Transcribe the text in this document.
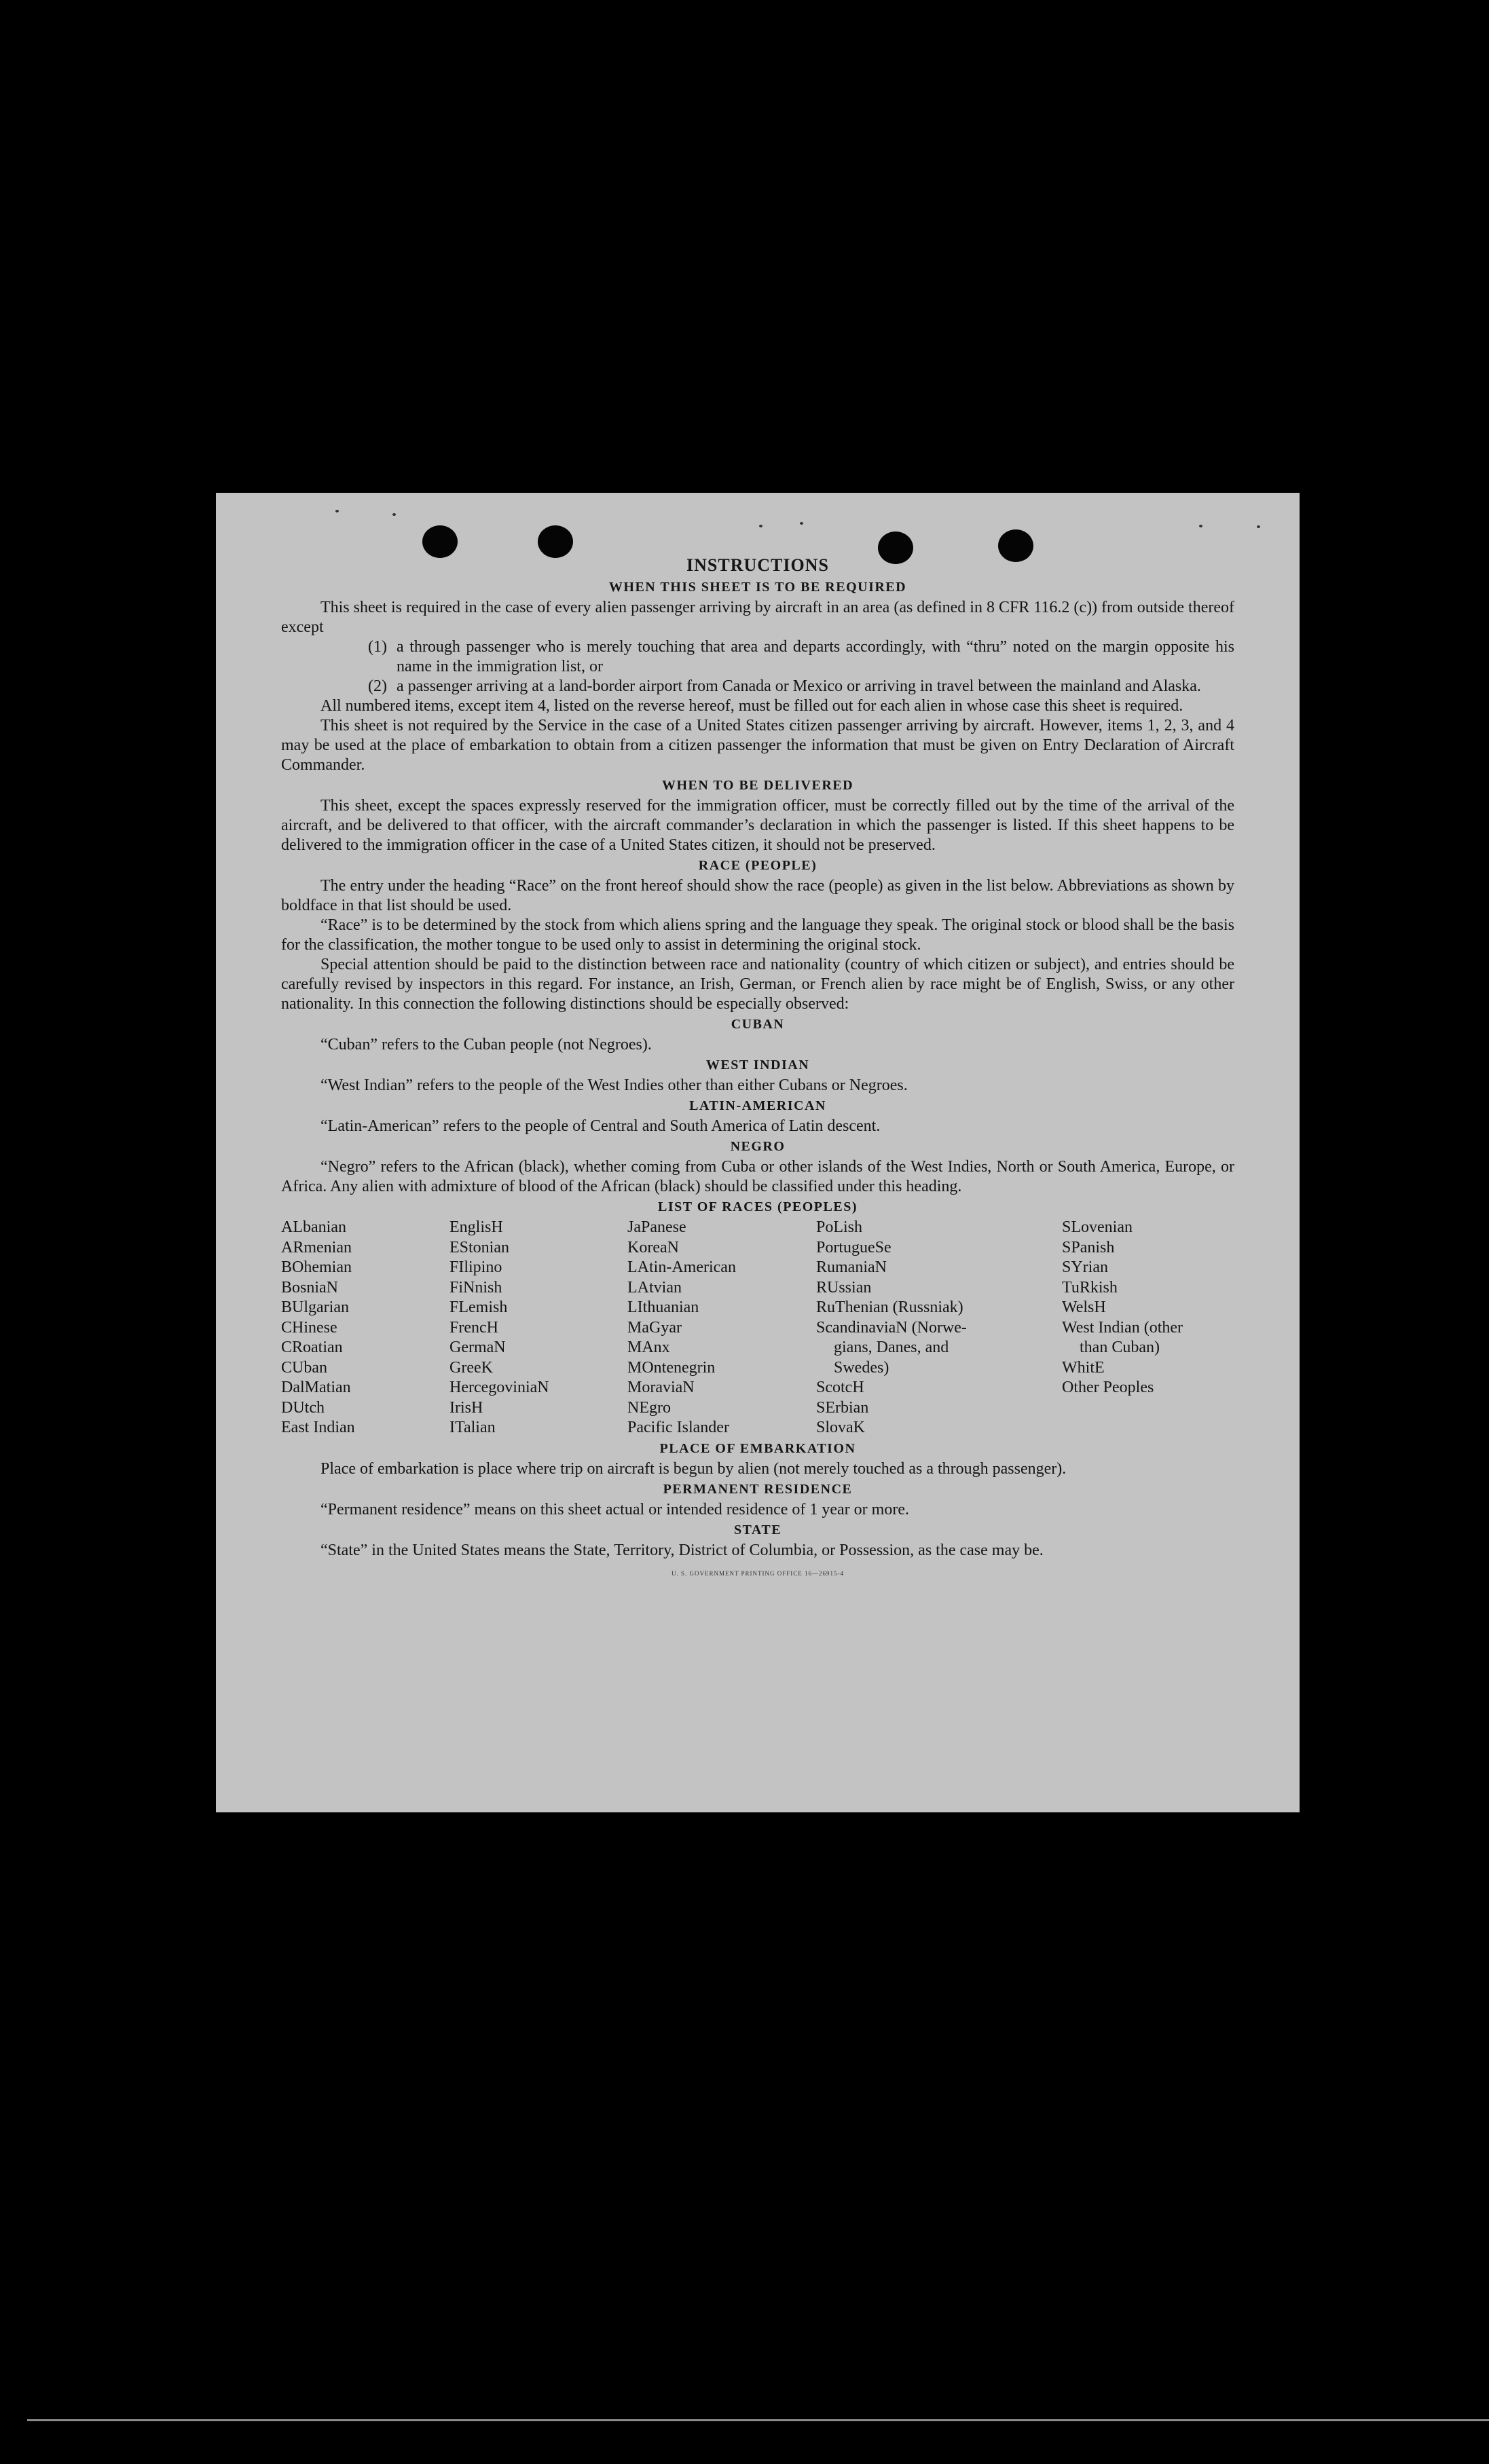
INSTRUCTIONS
WHEN THIS SHEET IS TO BE REQUIRED

This sheet is required in the case of every alien passenger arriving by aircraft in an area (as defined in 8 CFR 116.2 (c)) from outside thereof except

(1) a through passenger who is merely touching that area and departs accordingly, with “thru” noted on the margin opposite his name in the immigration list, or
(2) a passenger arriving at a land-border airport from Canada or Mexico or arriving in travel between the mainland and Alaska.

All numbered items, except item 4, listed on the reverse hereof, must be filled out for each alien in whose case this sheet is required.

This sheet is not required by the Service in the case of a United States citizen passenger arriving by aircraft. However, items 1, 2, 3, and 4 may be used at the place of embarkation to obtain from a citizen passenger the information that must be given on Entry Declaration of Aircraft Commander.

WHEN TO BE DELIVERED

This sheet, except the spaces expressly reserved for the immigration officer, must be correctly filled out by the time of the arrival of the aircraft, and be delivered to that officer, with the aircraft commander’s declaration in which the passenger is listed. If this sheet happens to be delivered to the immigration officer in the case of a United States citizen, it should not be preserved.

RACE (PEOPLE)

The entry under the heading “Race” on the front hereof should show the race (people) as given in the list below. Abbreviations as shown by boldface in that list should be used.

“Race” is to be determined by the stock from which aliens spring and the language they speak. The original stock or blood shall be the basis for the classification, the mother tongue to be used only to assist in determining the original stock.

Special attention should be paid to the distinction between race and nationality (country of which citizen or subject), and entries should be carefully revised by inspectors in this regard. For instance, an Irish, German, or French alien by race might be of English, Swiss, or any other nationality. In this connection the following distinctions should be especially observed:

CUBAN

“Cuban” refers to the Cuban people (not Negroes).

WEST INDIAN

“West Indian” refers to the people of the West Indies other than either Cubans or Negroes.

LATIN-AMERICAN

“Latin-American” refers to the people of Central and South America of Latin descent.

NEGRO

“Negro” refers to the African (black), whether coming from Cuba or other islands of the West Indies, North or South America, Europe, or Africa. Any alien with admixture of blood of the African (black) should be classified under this heading.

LIST OF RACES (PEOPLES)
ALbanian
ARmenian
BOhemian
BosniaN
BUlgarian
CHinese
CRoatian
CUban
DalMatian
DUtch
East Indian
EnglisH
EStonian
FIlipino
FiNnish
FLemish
FrencH
GermaN
GreeK
HercegoviniaN
IrisH
ITalian
JaPanese
KoreaN
LAtin-American
LAtvian
LIthuanian
MaGyar
MAnx
MOntenegrin
MoraviaN
NEgro
Pacific Islander
PoLish
PortugueSe
RumaniaN
RUssian
RuThenian (Russniak)
ScandinaviaN (Norwe-
gians, Danes, and
Swedes)
ScotcH
SErbian
SlovaK
SLovenian
SPanish
SYrian
TuRkish
WelsH
West Indian (other
than Cuban)
WhitE
Other Peoples
PLACE OF EMBARKATION

Place of embarkation is place where trip on aircraft is begun by alien (not merely touched as a through passenger).

PERMANENT RESIDENCE

“Permanent residence” means on this sheet actual or intended residence of 1 year or more.

STATE

“State” in the United States means the State, Territory, District of Columbia, or Possession, as the case may be.

U. S. GOVERNMENT PRINTING OFFICE 16—26915-4
